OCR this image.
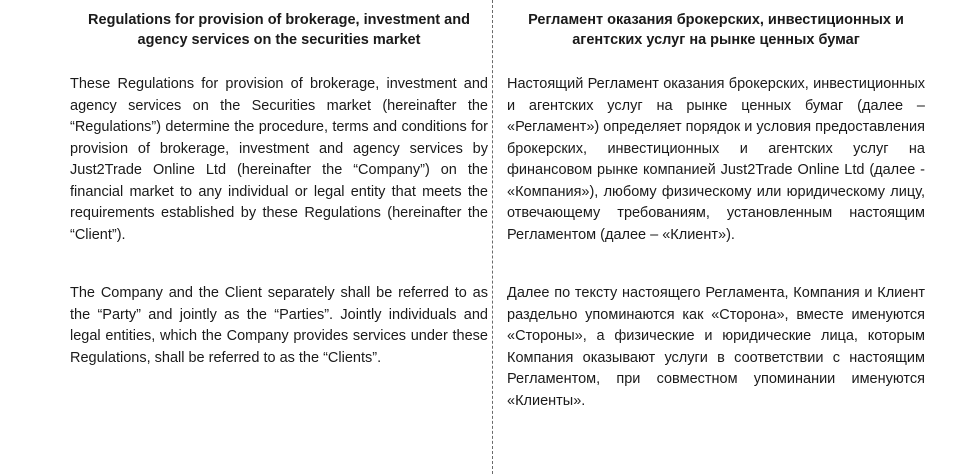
Regulations for provision of brokerage, investment and agency services on the securities market

These Regulations for provision of brokerage, investment and agency services on the Securities market (hereinafter the “Regulations”) determine the procedure, terms and conditions for provision of brokerage, investment and agency services by Just2Trade Online Ltd (hereinafter the “Company”) on the financial market to any individual or legal entity that meets the requirements established by these Regulations (hereinafter the “Client”).

The Company and the Client separately shall be referred to as the “Party” and jointly as the “Parties”. Jointly individuals and legal entities, which the Company provides services under these Regulations, shall be referred to as the “Clients”.

Регламент оказания брокерских, инвестиционных и агентских услуг на рынке ценных бумаг

Настоящий Регламент оказания брокерских, инвестиционных и агентских услуг на рынке ценных бумаг (далее – «Регламент») определяет порядок и условия предоставления брокерских, инвестиционных и агентских услуг на финансовом рынке компанией Just2Trade Online Ltd (далее - «Компания»), любому физическому или юридическому лицу, отвечающему требованиям, установленным настоящим Регламентом (далее – «Клиент»).

Далее по тексту настоящего Регламента, Компания и Клиент раздельно упоминаются как «Сторона», вместе именуются «Стороны», а физические и юридические лица, которым Компания оказывают услуги в соответствии с настоящим Регламентом, при совместном упоминании именуются «Клиенты».
